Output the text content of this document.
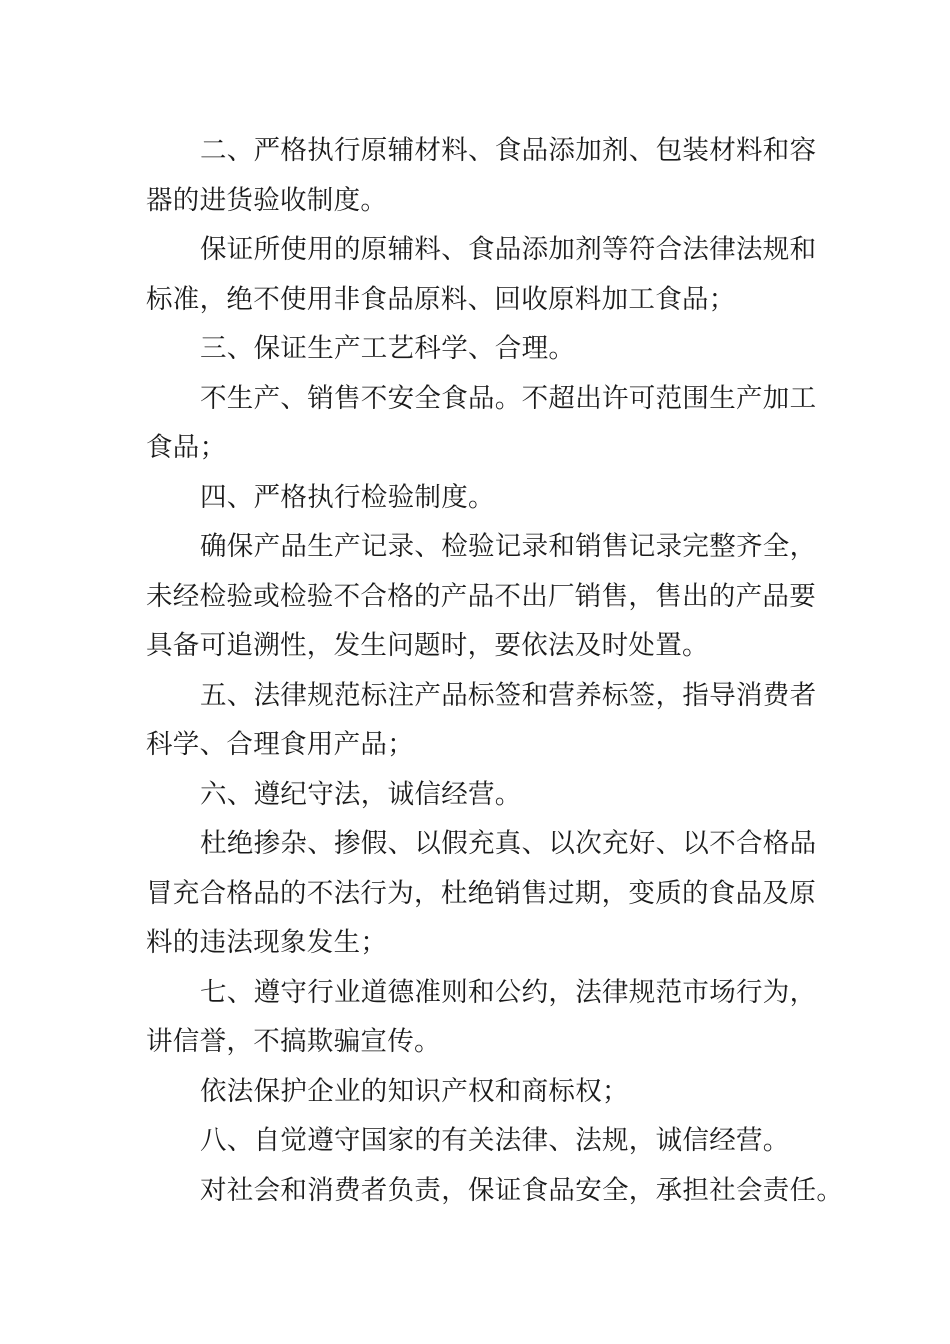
二、严格执行原辅材料、食品添加剂、包装材料和容
器的进货验收制度。

保证所使用的原辅料、食品添加剂等符合法律法规和
标准，绝不使用非食品原料、回收原料加工食品；

三、保证生产工艺科学、合理。

不生产、销售不安全食品。不超出许可范围生产加工
食品；

四、严格执行检验制度。

确保产品生产记录、检验记录和销售记录完整齐全，
未经检验或检验不合格的产品不出厂销售，售出的产品要
具备可追溯性，发生问题时，要依法及时处置。

五、法律规范标注产品标签和营养标签，指导消费者
科学、合理食用产品；

六、遵纪守法，诚信经营。

杜绝掺杂、掺假、以假充真、以次充好、以不合格品
冒充合格品的不法行为，杜绝销售过期，变质的食品及原
料的违法现象发生；

七、遵守行业道德准则和公约，法律规范市场行为，
讲信誉，不搞欺骗宣传。

依法保护企业的知识产权和商标权；

八、自觉遵守国家的有关法律、法规，诚信经营。

对社会和消费者负责，保证食品安全，承担社会责任。
